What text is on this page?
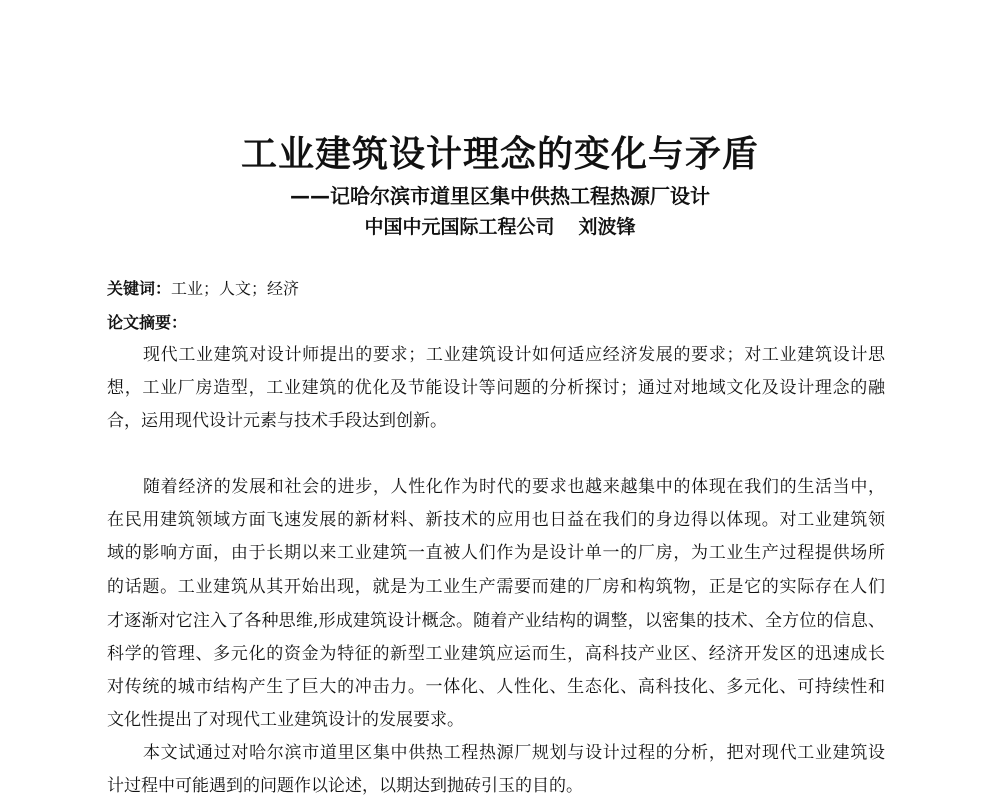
工业建筑设计理念的变化与矛盾
——记哈尔滨市道里区集中供热工程热源厂设计
中国中元国际工程公司 刘波锋
关键词：工业；人文；经济
论文摘要：
现代工业建筑对设计师提出的要求；工业建筑设计如何适应经济发展的要求；对工业建筑设计思
想，工业厂房造型，工业建筑的优化及节能设计等问题的分析探讨；通过对地域文化及设计理念的融
合，运用现代设计元素与技术手段达到创新。
随着经济的发展和社会的进步，人性化作为时代的要求也越来越集中的体现在我们的生活当中，
在民用建筑领域方面飞速发展的新材料、新技术的应用也日益在我们的身边得以体现。对工业建筑领
域的影响方面，由于长期以来工业建筑一直被人们作为是设计单一的厂房，为工业生产过程提供场所
的话题。工业建筑从其开始出现，就是为工业生产需要而建的厂房和构筑物，正是它的实际存在人们
才逐渐对它注入了各种思维,形成建筑设计概念。随着产业结构的调整，以密集的技术、全方位的信息、
科学的管理、多元化的资金为特征的新型工业建筑应运而生，高科技产业区、经济开发区的迅速成长
对传统的城市结构产生了巨大的冲击力。一体化、人性化、生态化、高科技化、多元化、可持续性和
文化性提出了对现代工业建筑设计的发展要求。
本文试通过对哈尔滨市道里区集中供热工程热源厂规划与设计过程的分析，把对现代工业建筑设
计过程中可能遇到的问题作以论述，以期达到抛砖引玉的目的。
